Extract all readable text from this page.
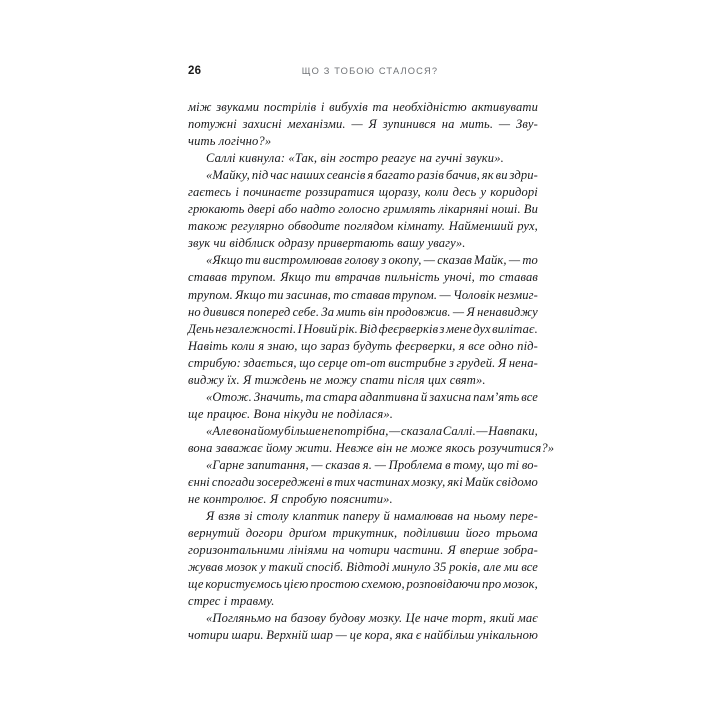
26	ЩО З ТОБОЮ СТАЛОСЯ?
між звуками пострілів і вибухів та необхідністю активувати
потужні захисні механізми. — Я зупинився на мить. — Зву-
чить логічно?»
Саллі кивнула: «Так, він гостро реагує на гучні звуки».
«Майку, під час наших сеансів я багато разів бачив, як ви здри-
гаєтесь і починаєте роззиратися щоразу, коли десь у коридорі
грюкають двері або надто голосно гримлять лікарняні ноші. Ви
також регулярно обводите поглядом кімнату. Найменший рух,
звук чи відблиск одразу привертають вашу увагу».
«Якщо ти вистромлював голову з окопу, — сказав Майк, — то
ставав трупом. Якщо ти втрачав пильність уночі, то ставав
трупом. Якщо ти засинав, то ставав трупом. — Чоловік незмиг-
но дивився поперед себе. За мить він продовжив. — Я ненавиджу
День незалежності. І Новий рік. Від феєрверків з мене дух вилітає.
Навіть коли я знаю, що зараз будуть феєрверки, я все одно під-
стрибую: здається, що серце от-от вистрибне з грудей. Я нена-
виджу їх. Я тиждень не можу спати після цих свят».
«Отож. Значить, та стара адаптивна й захисна пам’ять все
ще працює. Вона нікуди не поділася».
«Але вона йому більше не потрібна, — сказала Саллі. — Навпаки,
вона заважає йому жити. Невже він не може якось розучитися?»
«Гарне запитання, — сказав я. — Проблема в тому, що ті во-
єнні спогади зосереджені в тих частинах мозку, які Майк свідомо
не контролює. Я спробую пояснити».
Я взяв зі столу клаптик паперу й намалював на ньому пере-
вернутий догори дриґом трикутник, поділивши його трьома
горизонтальними лініями на чотири частини. Я вперше зобра-
жував мозок у такий спосіб. Відтоді минуло 35 років, але ми все
ще користуємось цією простою схемою, розповідаючи про мозок,
стрес і травму.
«Погляньмо на базову будову мозку. Це наче торт, який має
чотири шари. Верхній шар — це кора, яка є найбільш унікальною
